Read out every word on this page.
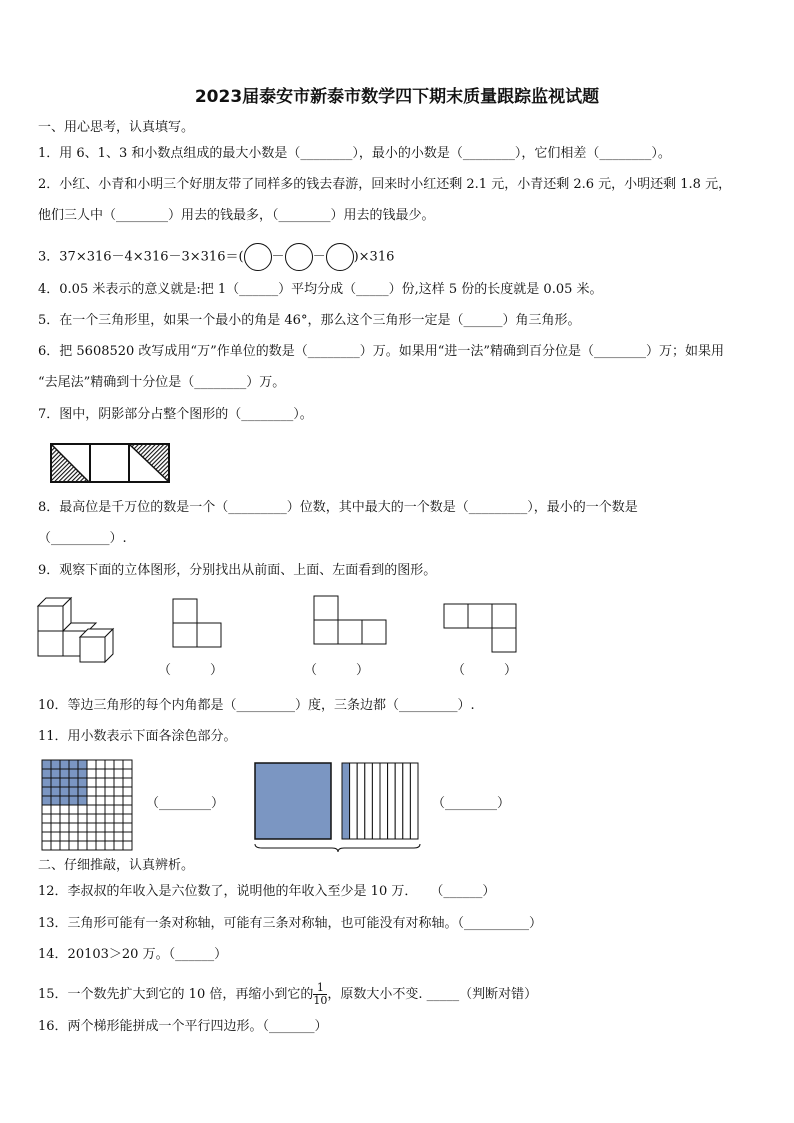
2023届泰安市新泰市数学四下期末质量跟踪监视试题
一、用心思考，认真填写。
1．用 6、1、3 和小数点组成的最大小数是（________），最小的小数是（________），它们相差（________）。
2．小红、小青和小明三个好朋友带了同样多的钱去春游，回来时小红还剩 2.1 元，小青还剩 2.6 元，小明还剩 1.8 元，
他们三人中（________）用去的钱最多，（________）用去的钱最少。
3．37×316－4×316－3×316＝( － － )×316
4．0.05 米表示的意义就是:把 1（______）平均分成（_____）份,这样 5 份的长度就是 0.05 米。
5．在一个三角形里，如果一个最小的角是 46°，那么这个三角形一定是（______）角三角形。
6．把 5608520 改写成用“万”作单位的数是（________）万。如果用“进一法”精确到百分位是（________）万；如果用
“去尾法”精确到十分位是（________）万。
7．图中，阴影部分占整个图形的（________）。
8．最高位是千万位的数是一个（_________）位数，其中最大的一个数是（_________），最小的一个数是
（_________）.
9．观察下面的立体图形，分别找出从前面、上面、左面看到的图形。
（　　　）	（　　　）	（　　　）
10．等边三角形的每个内角都是（_________）度，三条边都（_________）.
11．用小数表示下面各涂色部分。
（________）	（________）
二、仔细推敲，认真辨析。
12．李叔叔的年收入是六位数了，说明他的年收入至少是 10 万．　　（______）
13．三角形可能有一条对称轴，可能有三条对称轴，也可能没有对称轴。（__________）
14．20103＞20 万。（______）
15．一个数先扩大到它的 10 倍，再缩小到它的 $\frac{1}{10}$ ，原数大小不变. _____（判断对错）
16．两个梯形能拼成一个平行四边形。（_______）
